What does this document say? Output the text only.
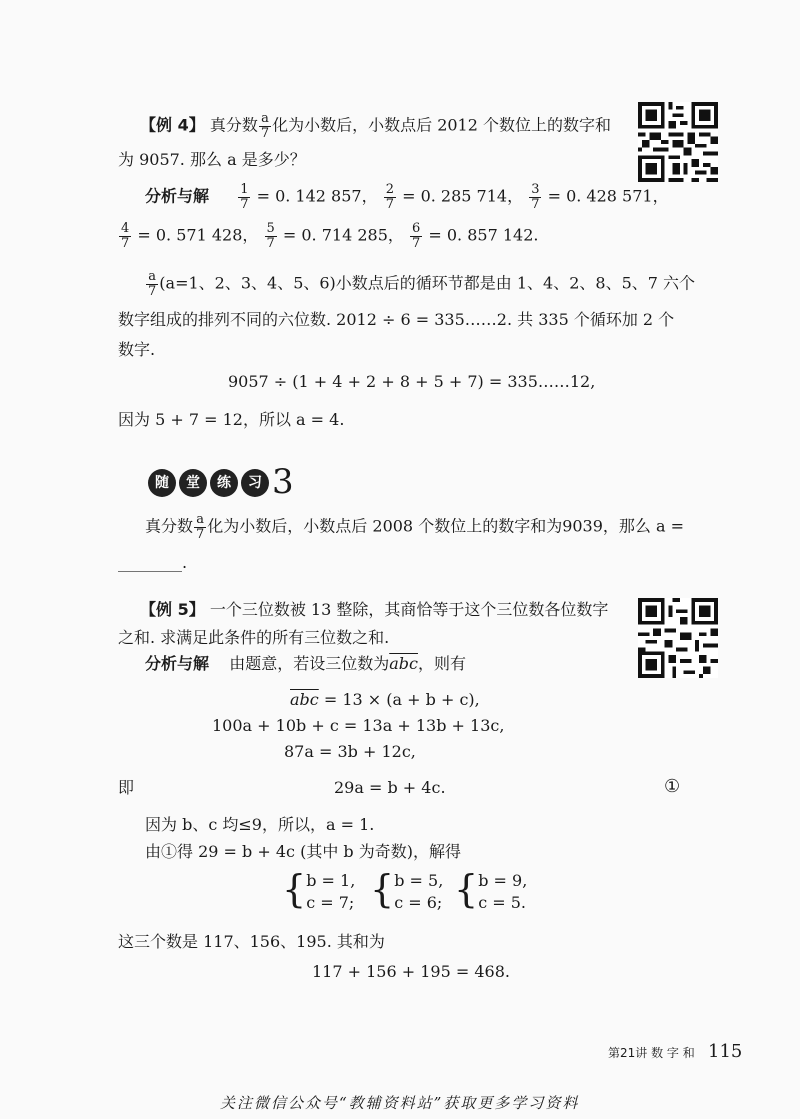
【例 4】 真分数 $\frac{a}{7}$ 化为小数后，小数点后 2012 个数位上的数字和
为 9057. 那么 a 是多少？
分析与解 $\frac{1}{7} = 0$. 142 857， $\frac{2}{7} = 0$. 285 714， $\frac{3}{7} = 0$. 428 571，
$\frac{4}{7} = 0$. 571 428， $\frac{5}{7} = 0$. 714 285， $\frac{6}{7} = 0$. 857 142.
$\frac{a}{7} (a=1$、2、3、4、5、6)小数点后的循环节都是由 1、4、2、8、5、7 六个
数字组成的排列不同的六位数. 2012 ÷ 6 = 335……2. 共 335 个循环加 2 个
数字.
9057 ÷ (1 + 4 + 2 + 8 + 5 + 7) = 335……12,
因为 5 + 7 = 12，所以 a = 4.
随 堂 练 习 3
真分数 $\frac{a}{7}$ 化为小数后，小数点后 2008 个数位上的数字和为9039，那么 a =
________.
【例 5】 一个三位数被 13 整除，其商恰等于这个三位数各位数字
之和. 求满足此条件的所有三位数之和.
分析与解 由题意，若设三位数为$\overline{abc}$，则有
$\overline{abc} = 13 \times (a + b + c)$,
100a + 10b + c = 13a + 13b + 13c,
87a = 3b + 12c,
即	29a = b + 4c.	①
因为 b、c 均≤9，所以，a = 1.
由①得 29 = b + 4c (其中 b 为奇数)，解得
{ b = 1,
c = 7; { b = 5,
c = 6; { b = 9,
c = 5.
这三个数是 117、156、195. 其和为
117 + 156 + 195 = 468.
第21讲 数 字 和 115
关注微信公众号“教辅资料站”获取更多学习资料
